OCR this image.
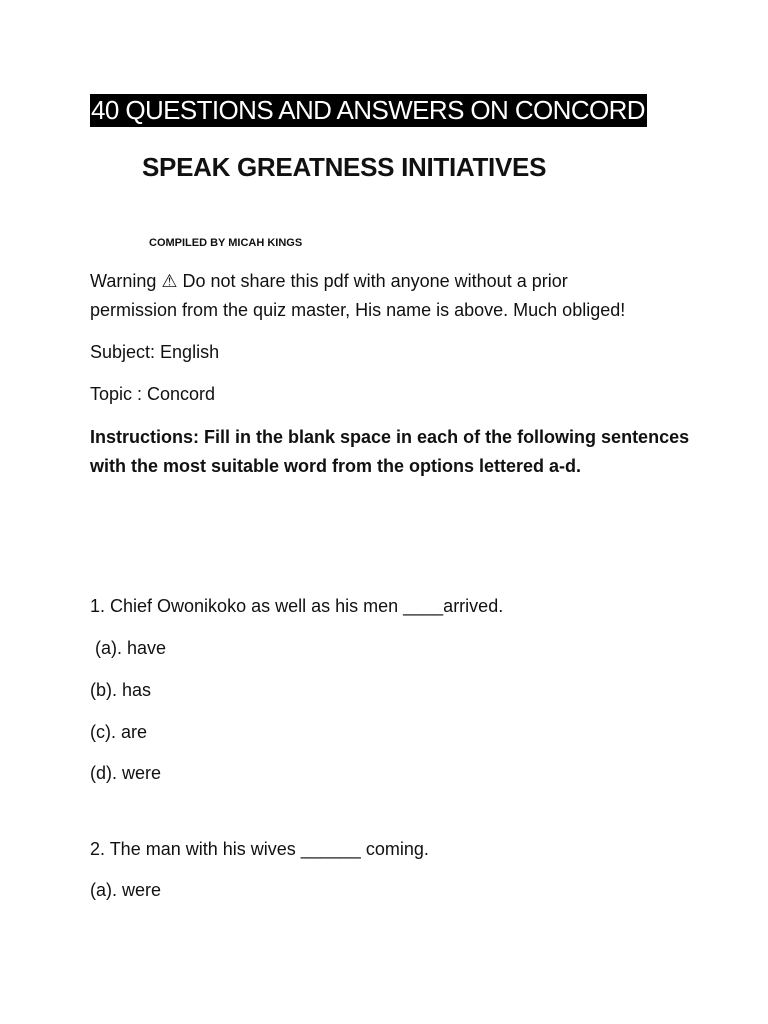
40 QUESTIONS AND ANSWERS ON CONCORD
SPEAK GREATNESS INITIATIVES
COMPILED BY MICAH KINGS
Warning ⚠ Do not share this pdf with anyone without a prior
permission from the quiz master, His name is above. Much obliged!
Subject: English
Topic : Concord
Instructions: Fill in the blank space in each of the following sentences
with the most suitable word from the options lettered a-d.
1. Chief Owonikoko as well as his men ____arrived.
(a). have
(b). has
(c). are
(d). were
2. The man with his wives ______ coming.
(a). were
